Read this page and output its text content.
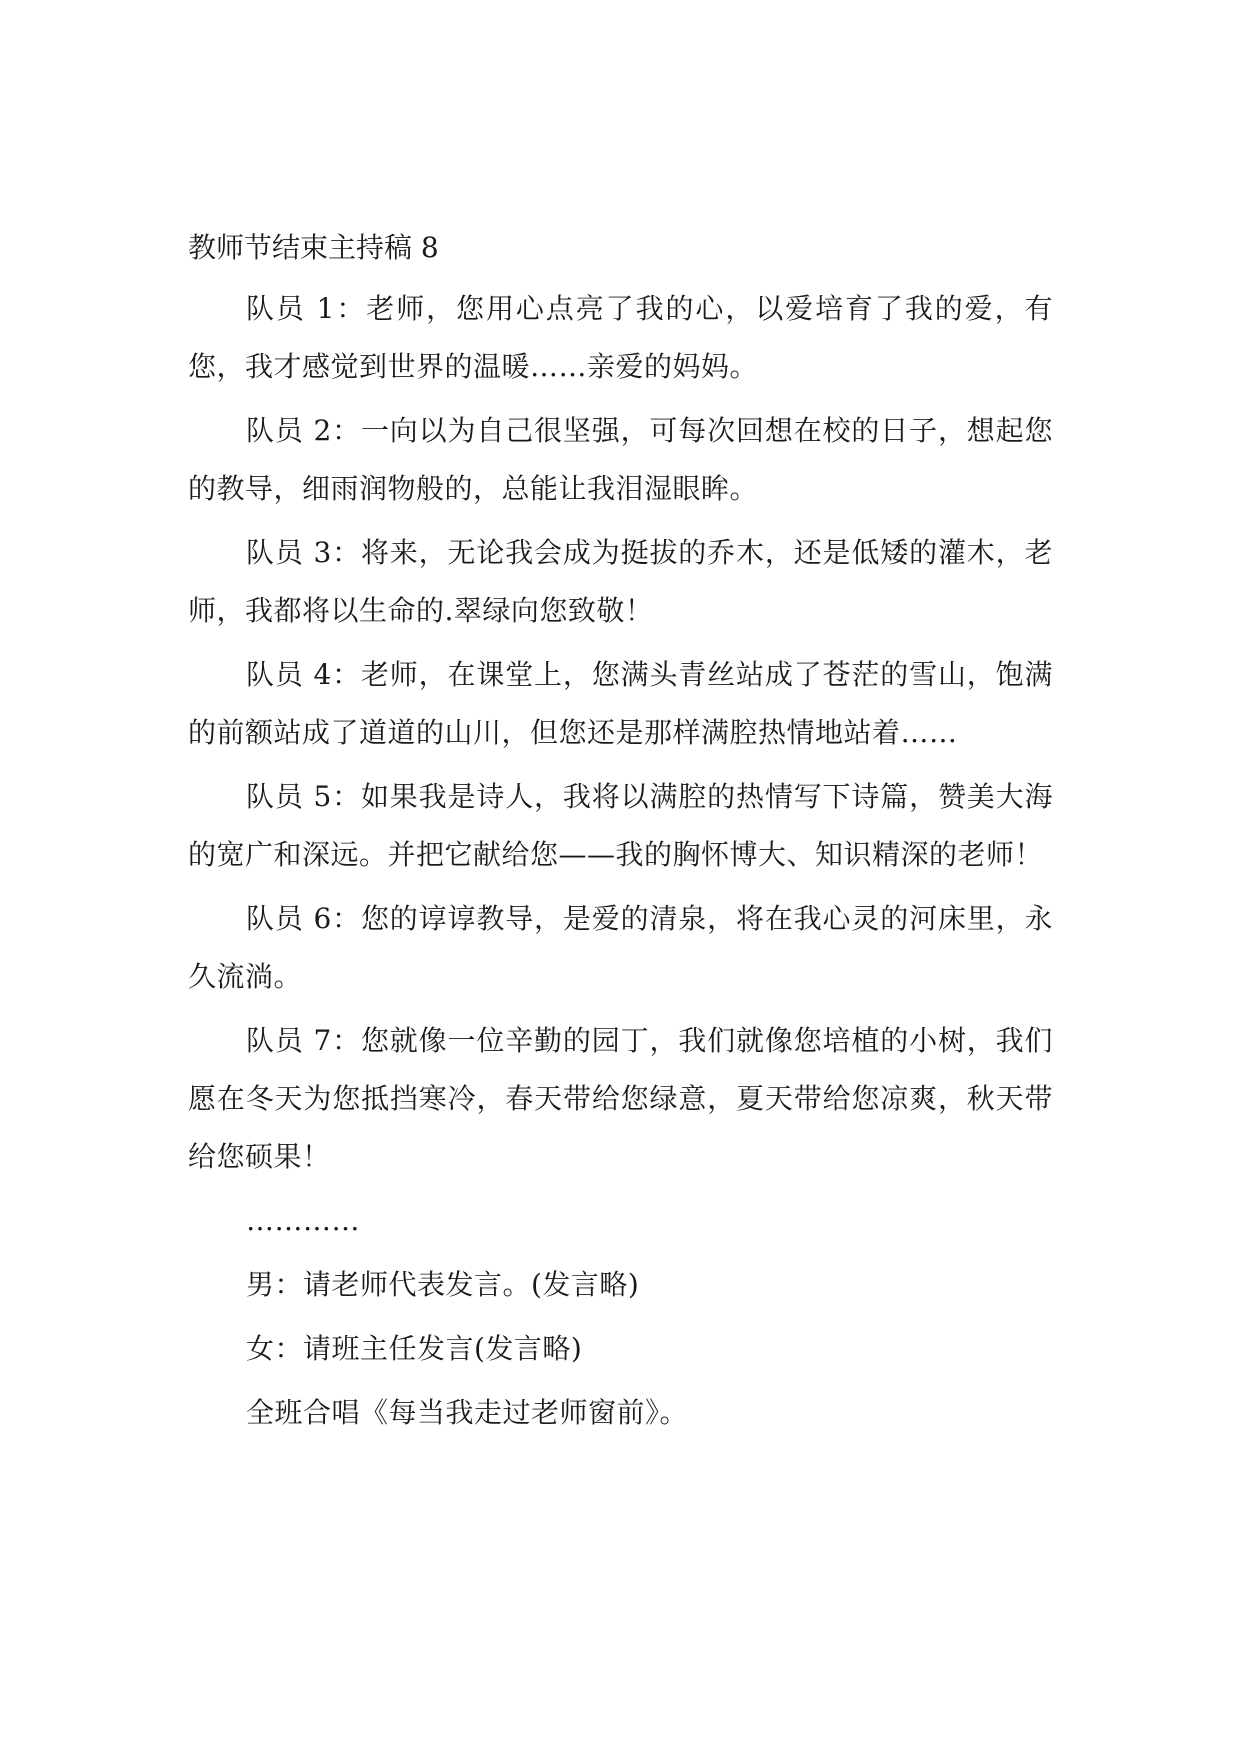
教师节结束主持稿 8

队员 1：老师，您用心点亮了我的心，以爱培育了我的爱，有您，我才感觉到世界的温暖……亲爱的妈妈。

队员 2：一向以为自己很坚强，可每次回想在校的日子，想起您的教导，细雨润物般的，总能让我泪湿眼眸。

队员 3：将来，无论我会成为挺拔的乔木，还是低矮的灌木，老师，我都将以生命的.翠绿向您致敬！

队员 4：老师，在课堂上，您满头青丝站成了苍茫的雪山，饱满的前额站成了道道的山川，但您还是那样满腔热情地站着……

队员 5：如果我是诗人，我将以满腔的热情写下诗篇，赞美大海的宽广和深远。并把它献给您——我的胸怀博大、知识精深的老师！

队员 6：您的谆谆教导，是爱的清泉，将在我心灵的河床里，永久流淌。

队员 7：您就像一位辛勤的园丁，我们就像您培植的小树，我们愿在冬天为您抵挡寒冷，春天带给您绿意，夏天带给您凉爽，秋天带给您硕果！

…………

男：请老师代表发言。(发言略)

女：请班主任发言(发言略)

全班合唱《每当我走过老师窗前》。
